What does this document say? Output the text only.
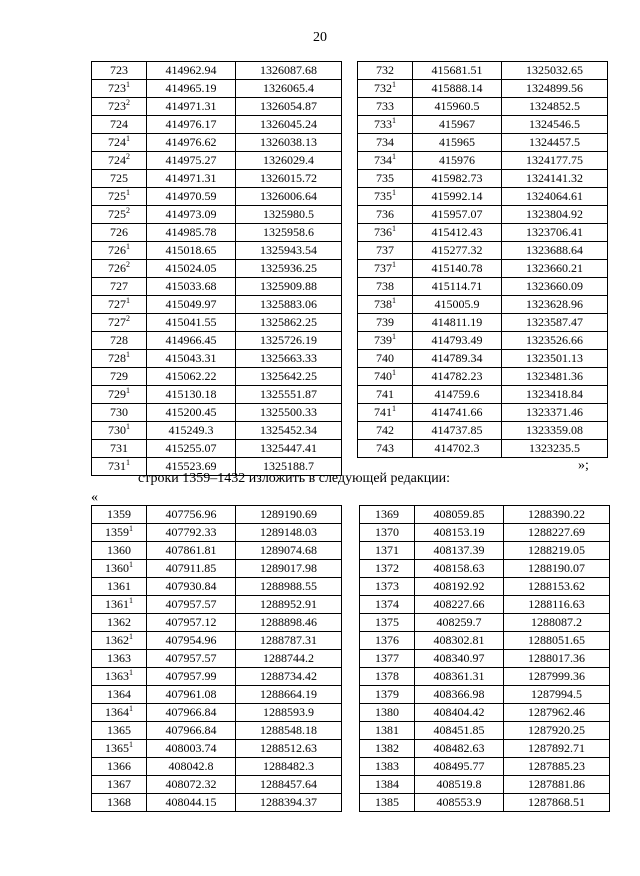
20
723	414962.94	1326087.68
$723^1$	414965.19	1326065.4
$723^2$	414971.31	1326054.87
724	414976.17	1326045.24
$724^1$	414976.62	1326038.13
$724^2$	414975.27	1326029.4
725	414971.31	1326015.72
$725^1$	414970.59	1326006.64
$725^2$	414973.09	1325980.5
726	414985.78	1325958.6
$726^1$	415018.65	1325943.54
$726^2$	415024.05	1325936.25
727	415033.68	1325909.88
$727^1$	415049.97	1325883.06
$727^2$	415041.55	1325862.25
728	414966.45	1325726.19
$728^1$	415043.31	1325663.33
729	415062.22	1325642.25
$729^1$	415130.18	1325551.87
730	415200.45	1325500.33
$730^1$	415249.3	1325452.34
731	415255.07	1325447.41
$731^1$	415523.69	1325188.7
732	415681.51	1325032.65
$732^1$	415888.14	1324899.56
733	415960.5	1324852.5
$733^1$	415967	1324546.5
734	415965	1324457.5
$734^1$	415976	1324177.75
735	415982.73	1324141.32
$735^1$	415992.14	1324064.61
736	415957.07	1323804.92
$736^1$	415412.43	1323706.41
737	415277.32	1323688.64
$737^1$	415140.78	1323660.21
738	415114.71	1323660.09
$738^1$	415005.9	1323628.96
739	414811.19	1323587.47
$739^1$	414793.49	1323526.66
740	414789.34	1323501.13
$740^1$	414782.23	1323481.36
741	414759.6	1323418.84
$741^1$	414741.66	1323371.46
742	414737.85	1323359.08
743	414702.3	1323235.5
»;
строки 1359–1432 изложить в следующей редакции:
«
1359	407756.96	1289190.69
1359$^1$	407792.33	1289148.03
1360	407861.81	1289074.68
1360$^1$	407911.85	1289017.98
1361	407930.84	1288988.55
1361$^1$	407957.57	1288952.91
1362	407957.12	1288898.46
1362$^1$	407954.96	1288787.31
1363	407957.57	1288744.2
1363$^1$	407957.99	1288734.42
1364	407961.08	1288664.19
1364$^1$	407966.84	1288593.9
1365	407966.84	1288548.18
1365$^1$	408003.74	1288512.63
1366	408042.8	1288482.3
1367	408072.32	1288457.64
1368	408044.15	1288394.37
1369	408059.85	1288390.22
1370	408153.19	1288227.69
1371	408137.39	1288219.05
1372	408158.63	1288190.07
1373	408192.92	1288153.62
1374	408227.66	1288116.63
1375	408259.7	1288087.2
1376	408302.81	1288051.65
1377	408340.97	1288017.36
1378	408361.31	1287999.36
1379	408366.98	1287994.5
1380	408404.42	1287962.46
1381	408451.85	1287920.25
1382	408482.63	1287892.71
1383	408495.77	1287885.23
1384	408519.8	1287881.86
1385	408553.9	1287868.51
